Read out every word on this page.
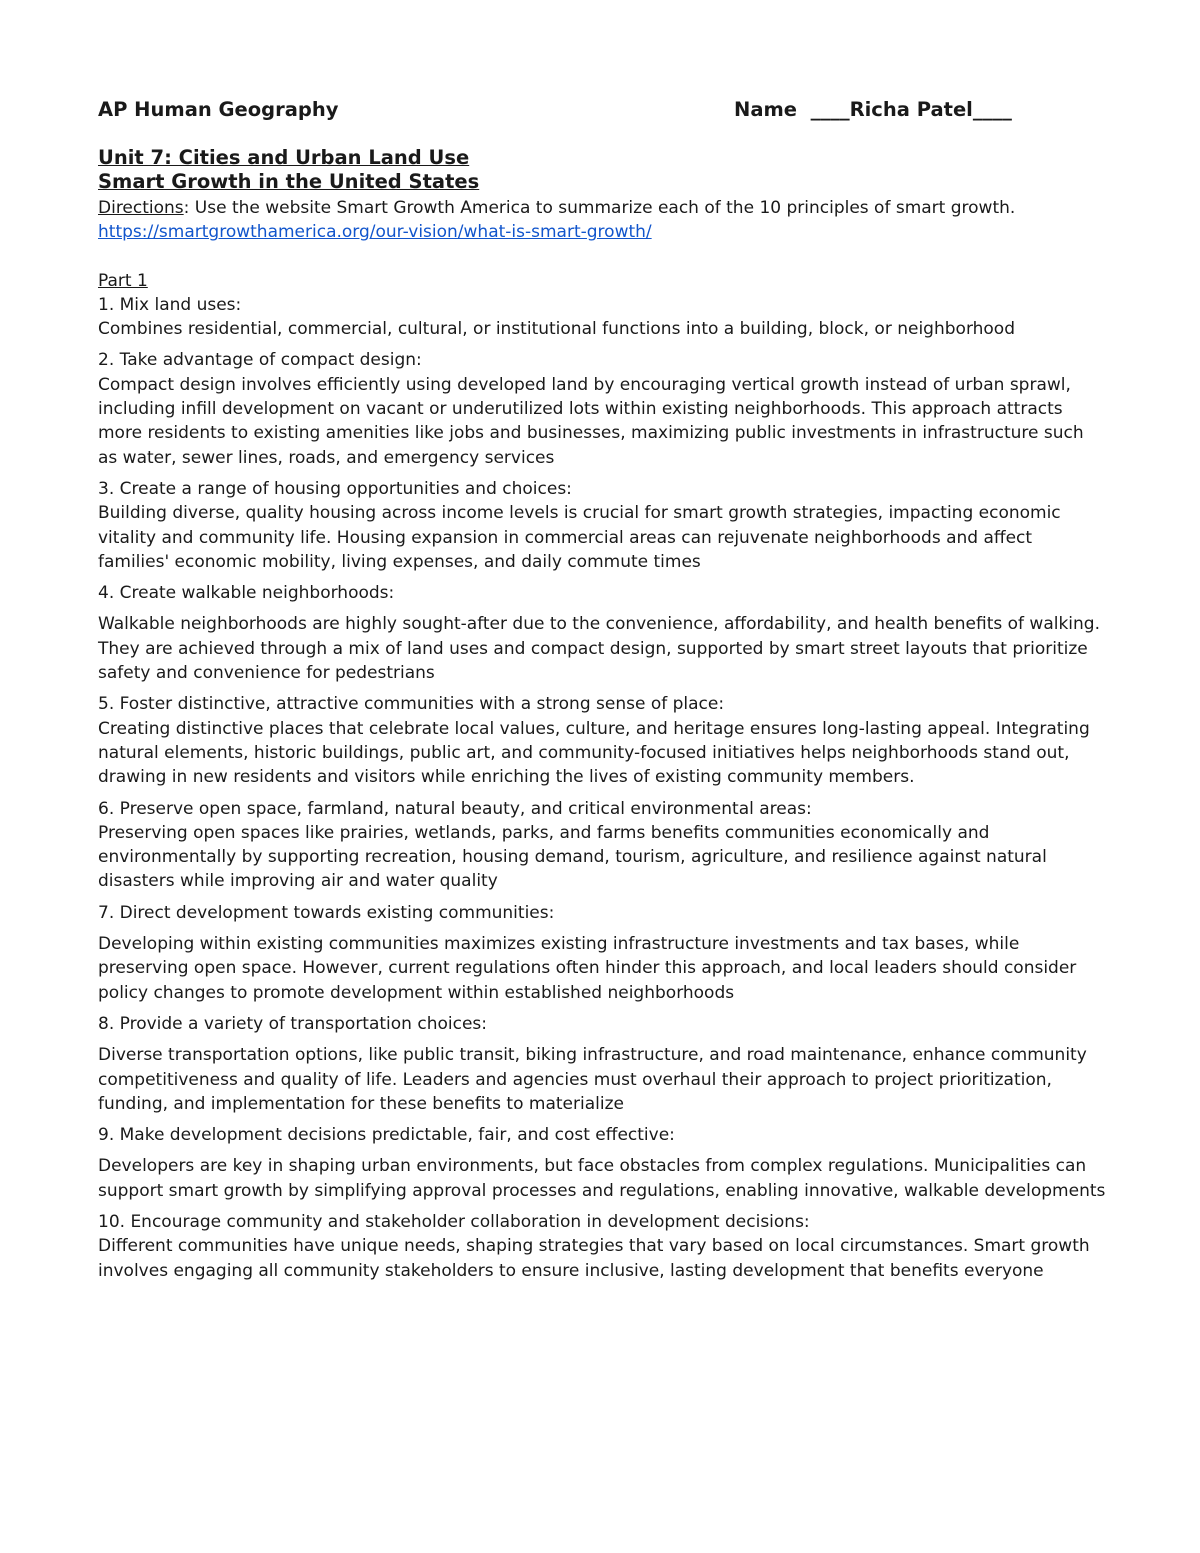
AP Human Geography	Name ____Richa Patel____
Unit 7: Cities and Urban Land Use
Smart Growth in the United States
Directions: Use the website Smart Growth America to summarize each of the 10 principles of smart growth.
https://smartgrowthamerica.org/our-vision/what-is-smart-growth/
Part 1
1. Mix land uses:
Combines residential, commercial, cultural, or institutional functions into a building, block, or neighborhood
2. Take advantage of compact design:
Compact design involves efficiently using developed land by encouraging vertical growth instead of urban sprawl, including infill development on vacant or underutilized lots within existing neighborhoods. This approach attracts more residents to existing amenities like jobs and businesses, maximizing public investments in infrastructure such as water, sewer lines, roads, and emergency services
3. Create a range of housing opportunities and choices:
Building diverse, quality housing across income levels is crucial for smart growth strategies, impacting economic vitality and community life. Housing expansion in commercial areas can rejuvenate neighborhoods and affect families' economic mobility, living expenses, and daily commute times
4. Create walkable neighborhoods:
Walkable neighborhoods are highly sought-after due to the convenience, affordability, and health benefits of walking. They are achieved through a mix of land uses and compact design, supported by smart street layouts that prioritize safety and convenience for pedestrians
5. Foster distinctive, attractive communities with a strong sense of place:
Creating distinctive places that celebrate local values, culture, and heritage ensures long-lasting appeal. Integrating natural elements, historic buildings, public art, and community-focused initiatives helps neighborhoods stand out, drawing in new residents and visitors while enriching the lives of existing community members.
6. Preserve open space, farmland, natural beauty, and critical environmental areas:
Preserving open spaces like prairies, wetlands, parks, and farms benefits communities economically and environmentally by supporting recreation, housing demand, tourism, agriculture, and resilience against natural disasters while improving air and water quality
7. Direct development towards existing communities:
Developing within existing communities maximizes existing infrastructure investments and tax bases, while preserving open space. However, current regulations often hinder this approach, and local leaders should consider policy changes to promote development within established neighborhoods
8. Provide a variety of transportation choices:
Diverse transportation options, like public transit, biking infrastructure, and road maintenance, enhance community competitiveness and quality of life. Leaders and agencies must overhaul their approach to project prioritization, funding, and implementation for these benefits to materialize
9. Make development decisions predictable, fair, and cost effective:
Developers are key in shaping urban environments, but face obstacles from complex regulations. Municipalities can support smart growth by simplifying approval processes and regulations, enabling innovative, walkable developments
10. Encourage community and stakeholder collaboration in development decisions:
Different communities have unique needs, shaping strategies that vary based on local circumstances. Smart growth involves engaging all community stakeholders to ensure inclusive, lasting development that benefits everyone
